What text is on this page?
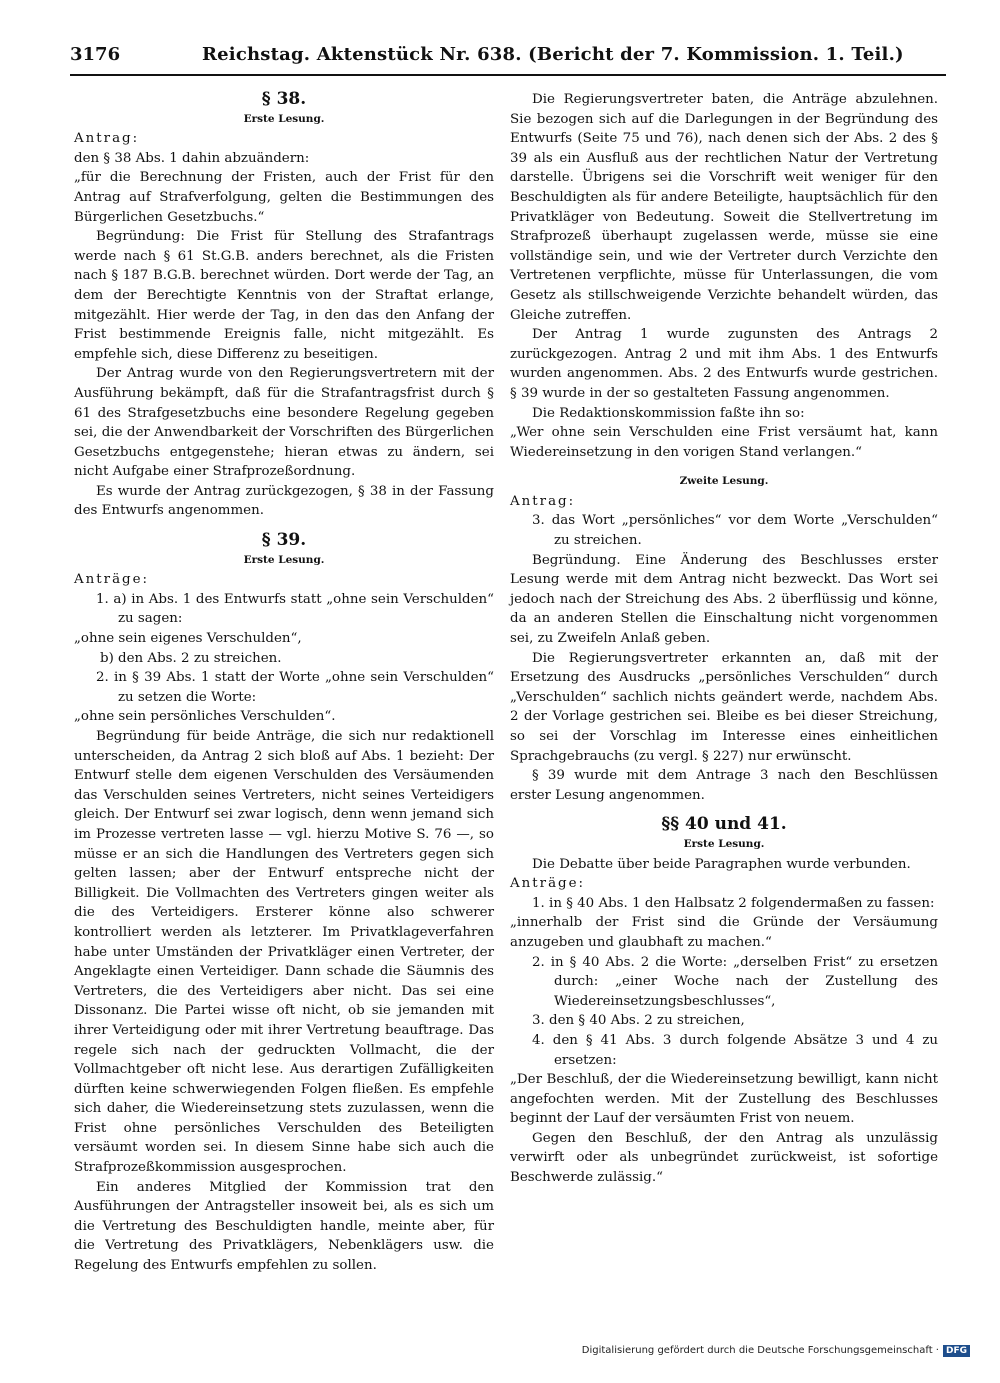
3176	Reichstag. Aktenstück Nr. 638. (Bericht der 7. Kommission. 1. Teil.)

§ 38.

Erste Lesung.

Antrag:

den § 38 Abs. 1 dahin abzuändern:

„für die Berechnung der Fristen, auch der Frist für den Antrag auf Strafverfolgung, gelten die Bestimmungen des Bürgerlichen Gesetzbuchs.“

Begründung: Die Frist für Stellung des Strafantrags werde nach § 61 St.G.B. anders berechnet, als die Fristen nach § 187 B.G.B. berechnet würden. Dort werde der Tag, an dem der Berechtigte Kenntnis von der Straftat erlange, mitgezählt. Hier werde der Tag, in den das den Anfang der Frist bestimmende Ereignis falle, nicht mitgezählt. Es empfehle sich, diese Differenz zu beseitigen.

Der Antrag wurde von den Regierungsvertretern mit der Ausführung bekämpft, daß für die Strafantragsfrist durch § 61 des Strafgesetzbuchs eine besondere Regelung gegeben sei, die der Anwendbarkeit der Vorschriften des Bürgerlichen Gesetzbuchs entgegenstehe; hieran etwas zu ändern, sei nicht Aufgabe einer Strafprozeßordnung.

Es wurde der Antrag zurückgezogen, § 38 in der Fassung des Entwurfs angenommen.

§ 39.

Erste Lesung.

Anträge:

1. a) in Abs. 1 des Entwurfs statt „ohne sein Verschulden“ zu sagen:

„ohne sein eigenes Verschulden“,

b) den Abs. 2 zu streichen.

2. in § 39 Abs. 1 statt der Worte „ohne sein Verschulden“ zu setzen die Worte:

„ohne sein persönliches Verschulden“.

Begründung für beide Anträge, die sich nur redaktionell unterscheiden, da Antrag 2 sich bloß auf Abs. 1 bezieht: Der Entwurf stelle dem eigenen Verschulden des Versäumenden das Verschulden seines Vertreters, nicht seines Verteidigers gleich. Der Entwurf sei zwar logisch, denn wenn jemand sich im Prozesse vertreten lasse — vgl. hierzu Motive S. 76 —, so müsse er an sich die Handlungen des Vertreters gegen sich gelten lassen; aber der Entwurf entspreche nicht der Billigkeit. Die Vollmachten des Vertreters gingen weiter als die des Verteidigers. Ersterer könne also schwerer kontrolliert werden als letzterer. Im Privatklageverfahren habe unter Umständen der Privatkläger einen Vertreter, der Angeklagte einen Verteidiger. Dann schade die Säumnis des Vertreters, die des Verteidigers aber nicht. Das sei eine Dissonanz. Die Partei wisse oft nicht, ob sie jemanden mit ihrer Verteidigung oder mit ihrer Vertretung beauftrage. Das regele sich nach der gedruckten Vollmacht, die der Vollmachtgeber oft nicht lese. Aus derartigen Zufälligkeiten dürften keine schwerwiegenden Folgen fließen. Es empfehle sich daher, die Wiedereinsetzung stets zuzulassen, wenn die Frist ohne persönliches Verschulden des Beteiligten versäumt worden sei. In diesem Sinne habe sich auch die Strafprozeßkommission ausgesprochen.

Ein anderes Mitglied der Kommission trat den Ausführungen der Antragsteller insoweit bei, als es sich um die Vertretung des Beschuldigten handle, meinte aber, für die Vertretung des Privatklägers, Nebenklägers usw. die Regelung des Entwurfs empfehlen zu sollen.

Die Regierungsvertreter baten, die Anträge abzulehnen. Sie bezogen sich auf die Darlegungen in der Begründung des Entwurfs (Seite 75 und 76), nach denen sich der Abs. 2 des § 39 als ein Ausfluß aus der rechtlichen Natur der Vertretung darstelle. Übrigens sei die Vorschrift weit weniger für den Beschuldigten als für andere Beteiligte, hauptsächlich für den Privatkläger von Bedeutung. Soweit die Stellvertretung im Strafprozeß überhaupt zugelassen werde, müsse sie eine vollständige sein, und wie der Vertreter durch Verzichte den Vertretenen verpflichte, müsse für Unterlassungen, die vom Gesetz als stillschweigende Verzichte behandelt würden, das Gleiche zutreffen.

Der Antrag 1 wurde zugunsten des Antrags 2 zurückgezogen. Antrag 2 und mit ihm Abs. 1 des Entwurfs wurden angenommen. Abs. 2 des Entwurfs wurde gestrichen. § 39 wurde in der so gestalteten Fassung angenommen.

Die Redaktionskommission faßte ihn so:

„Wer ohne sein Verschulden eine Frist versäumt hat, kann Wiedereinsetzung in den vorigen Stand verlangen.“

Zweite Lesung.

Antrag:

3. das Wort „persönliches“ vor dem Worte „Verschulden“ zu streichen.

Begründung. Eine Änderung des Beschlusses erster Lesung werde mit dem Antrag nicht bezweckt. Das Wort sei jedoch nach der Streichung des Abs. 2 überflüssig und könne, da an anderen Stellen die Einschaltung nicht vorgenommen sei, zu Zweifeln Anlaß geben.

Die Regierungsvertreter erkannten an, daß mit der Ersetzung des Ausdrucks „persönliches Verschulden“ durch „Verschulden“ sachlich nichts geändert werde, nachdem Abs. 2 der Vorlage gestrichen sei. Bleibe es bei dieser Streichung, so sei der Vorschlag im Interesse eines einheitlichen Sprachgebrauchs (zu vergl. § 227) nur erwünscht.

§ 39 wurde mit dem Antrage 3 nach den Beschlüssen erster Lesung angenommen.

§§ 40 und 41.

Erste Lesung.

Die Debatte über beide Paragraphen wurde verbunden.

Anträge:

1. in § 40 Abs. 1 den Halbsatz 2 folgendermaßen zu fassen:

„innerhalb der Frist sind die Gründe der Versäumung anzugeben und glaubhaft zu machen.“

2. in § 40 Abs. 2 die Worte: „derselben Frist“ zu ersetzen durch: „einer Woche nach der Zustellung des Wiedereinsetzungsbeschlusses“,

3. den § 40 Abs. 2 zu streichen,

4. den § 41 Abs. 3 durch folgende Absätze 3 und 4 zu ersetzen:

„Der Beschluß, der die Wiedereinsetzung bewilligt, kann nicht angefochten werden. Mit der Zustellung des Beschlusses beginnt der Lauf der versäumten Frist von neuem.

Gegen den Beschluß, der den Antrag als unzulässig verwirft oder als unbegründet zurückweist, ist sofortige Beschwerde zulässig.“

Digitalisierung gefördert durch die Deutsche Forschungsgemeinschaft · DFG
